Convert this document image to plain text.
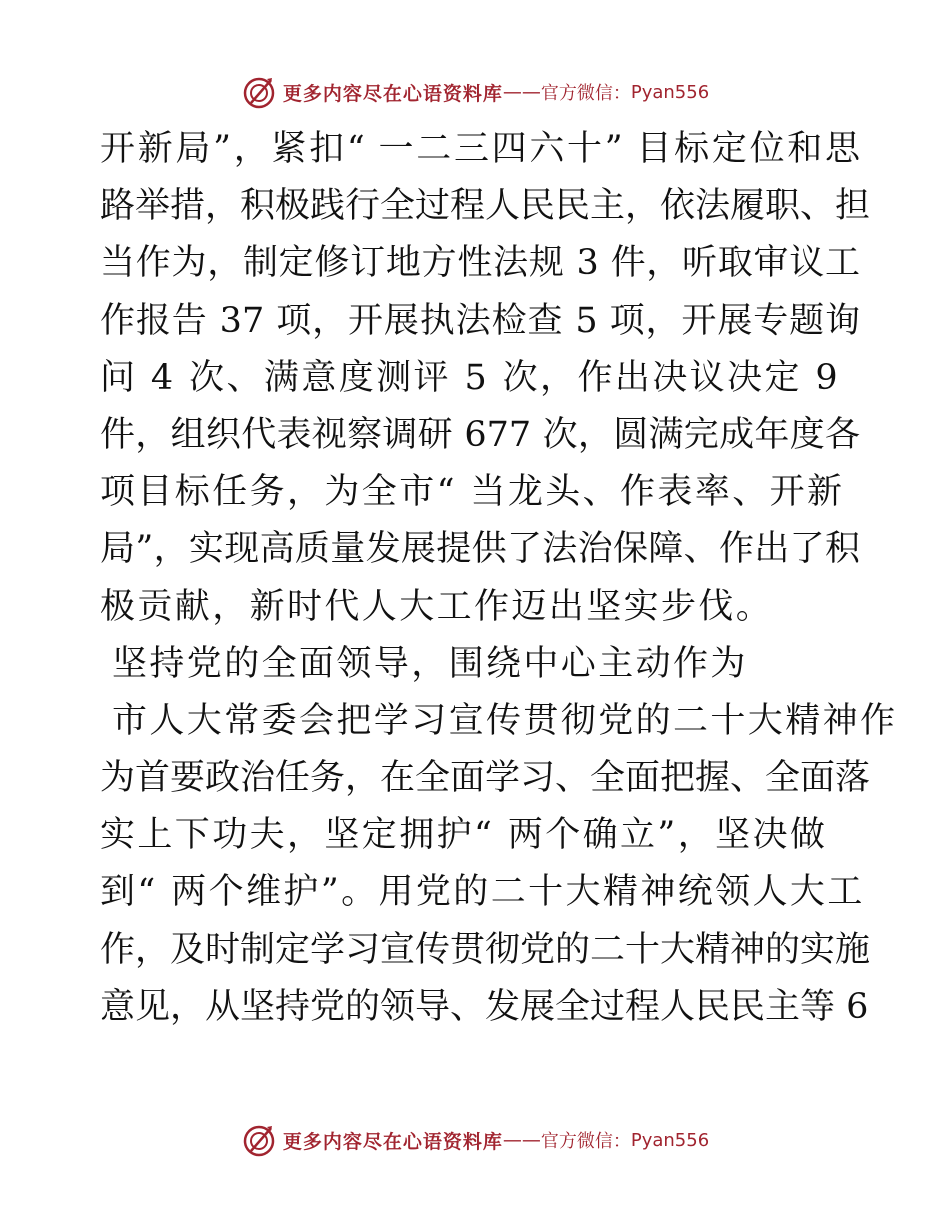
更多内容尽在心语资料库 —— 官方微信： Pyan556
开新局”，紧扣“ 一二三四六十” 目标定位和思
路举措，积极践行全过程人民民主，依法履职、担
当作为，制定修订地方性法规 3 件，听取审议工
作报告 37 项，开展执法检查 5 项，开展专题询
问 4 次、满意度测评 5 次，作出决议决定 9
件，组织代表视察调研 677 次，圆满完成年度各
项目标任务，为全市“ 当龙头、作表率、开新
局”，实现高质量发展提供了法治保障、作出了积
极贡献，新时代人大工作迈出坚实步伐。
坚持党的全面领导，围绕中心主动作为
市人大常委会把学习宣传贯彻党的二十大精神作
为首要政治任务，在全面学习、全面把握、全面落
实上下功夫，坚定拥护“ 两个确立”，坚决做
到“ 两个维护”。用党的二十大精神统领人大工
作，及时制定学习宣传贯彻党的二十大精神的实施
意见，从坚持党的领导、发展全过程人民民主等 6
更多内容尽在心语资料库 —— 官方微信： Pyan556
